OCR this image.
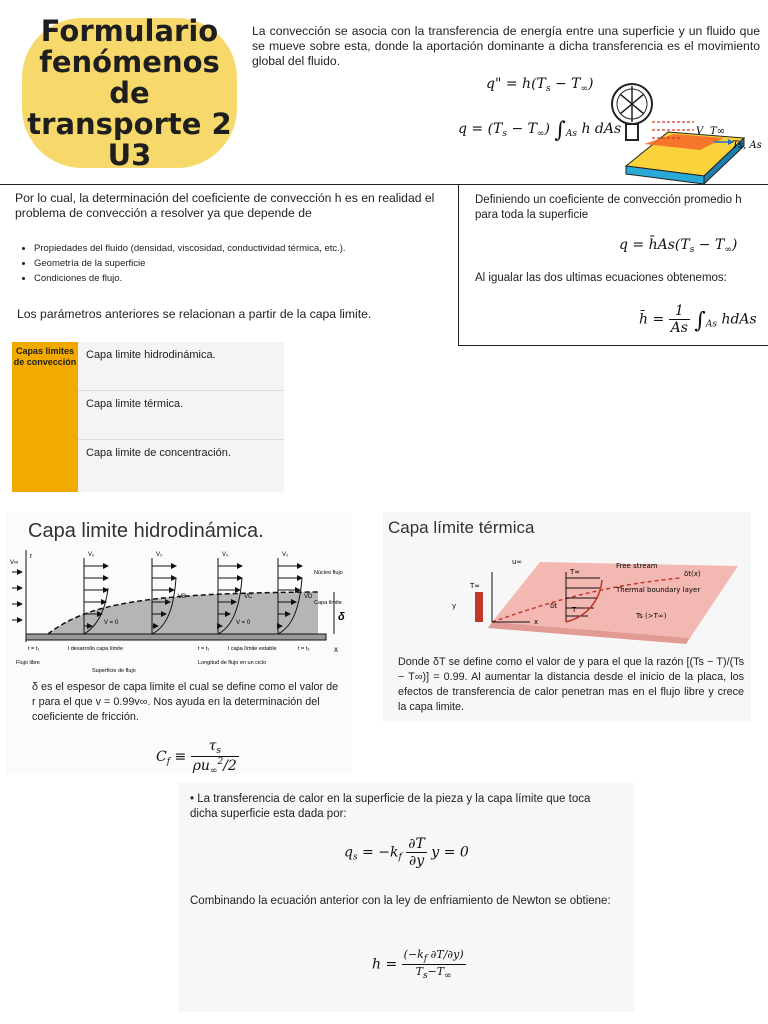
Formulario
fenómenos de
transporte 2
U3
La convección se asocia con la transferencia de energía entre una superficie y un fluido que se mueve sobre esta, donde la aportación dominante a dicha transferencia es el movimiento global del fluido.
q" = $h(T_s - T_\infty)$
$q = (T_s - T_\infty)$ $\int_{As}$ h dAs	V T∞
Ts, As
Por lo cual, la determinación del coeficiente de convección h es en realidad el problema de convección a resolver ya que depende de
• Propiedades del fluido (densidad, viscosidad, conductividad térmica, etc.).
• Geometría de la superficie
• Condiciones de flujo.
Los parámetros anteriores se relacionan a partir de la capa limite.
Definiendo un coeficiente de convección promedio h para toda la superficie
$q = h̄As(T_s - T_\infty)$
Al igualar las dos ultimas ecuaciones obtenemos:
h̄ = $\frac{1}{As} \int_{As}$ hdAs
Capas limites de convección
Capa limite hidrodinámica.
Capa limite térmica.
Capa limite de concentración.
Capa limite hidrodinámica.
r
x
V∞
V₀	V₀
VB
V = 0
V₀
VC
V = 0
V₀
VD
Núcleo flujo
Capa límite
δ
t = t₁	t = t₁	t = t₂
l desarrollo capa límite	l capa límite estable
Flujo libre
Superficie de flujo
Longitud de flujo en un ciclo
δ es el espesor de capa limite el cual se define como el valor de r para el que v = 0.99v∞. Nos ayuda en la determinación del coeficiente de fricción.
$C_f \equiv \frac{\tau_s}{\rho u_\infty^2/2}$
Capa límite térmica
u∞
T∞
T∞
Free stream
Thermal boundary layer
δt(x)
δt T
Ts (>T∞)
y
x
Donde δT se define como el valor de y para el que la razón [(Ts − T)/(Ts − T∞)] = 0.99. Al aumentar la distancia desde el inicio de la placa, los efectos de transferencia de calor penetran mas en el flujo libre y crece la capa limite.
• La transferencia de calor en la superficie de la pieza y la capa límite que toca dicha superficie esta dada por:
$q_s = -k_f \frac{\partial T}{\partial y}$ y = 0
Combinando la ecuación anterior con la ley de enfriamiento de Newton se obtiene:
$h = \frac{(-k_f \partial T/\partial y)}{T_s-T_\infty}$
